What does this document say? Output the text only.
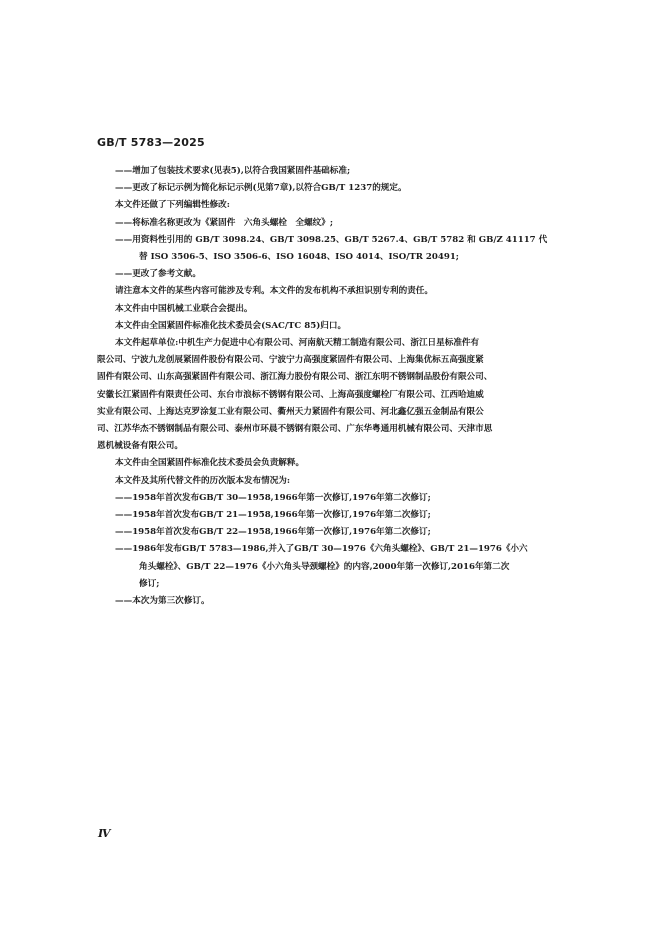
GB/T 5783—2025
——增加了包装技术要求(见表5),以符合我国紧固件基础标准;
——更改了标记示例为简化标记示例(见第7章),以符合GB/T 1237的规定。
本文件还做了下列编辑性修改:
——将标准名称更改为《紧固件　六角头螺栓　全螺纹》;
——用资料性引用的 GB/T 3098.24、GB/T 3098.25、GB/T 5267.4、GB/T 5782 和 GB/Z 41117 代
替 ISO 3506-5、ISO 3506-6、ISO 16048、ISO 4014、ISO/TR 20491;
——更改了参考文献。
请注意本文件的某些内容可能涉及专利。本文件的发布机构不承担识别专利的责任。
本文件由中国机械工业联合会提出。
本文件由全国紧固件标准化技术委员会(SAC/TC 85)归口。
本文件起草单位:中机生产力促进中心有限公司、河南航天精工制造有限公司、浙江日星标准件有
限公司、宁波九龙创展紧固件股份有限公司、宁波宁力高强度紧固件有限公司、上海集优标五高强度紧
固件有限公司、山东高强紧固件有限公司、浙江海力股份有限公司、浙江东明不锈钢制品股份有限公司、
安徽长江紧固件有限责任公司、东台市浪标不锈钢有限公司、上海高强度螺栓厂有限公司、江西哈迪威
实业有限公司、上海达克罗涂复工业有限公司、衢州天力紧固件有限公司、河北鑫亿强五金制品有限公
司、江苏华杰不锈钢制品有限公司、泰州市环晨不锈钢有限公司、广东华粤通用机械有限公司、天津市思
恩机械设备有限公司。
本文件由全国紧固件标准化技术委员会负责解释。
本文件及其所代替文件的历次版本发布情况为:
——1958年首次发布GB/T 30—1958,1966年第一次修订,1976年第二次修订;
——1958年首次发布GB/T 21—1958,1966年第一次修订,1976年第二次修订;
——1958年首次发布GB/T 22—1958,1966年第一次修订,1976年第二次修订;
——1986年发布GB/T 5783—1986,并入了GB/T 30—1976《六角头螺栓》、GB/T 21—1976《小六
角头螺栓》、GB/T 22—1976《小六角头导颈螺栓》的内容,2000年第一次修订,2016年第二次
修订;
——本次为第三次修订。
Ⅳ
